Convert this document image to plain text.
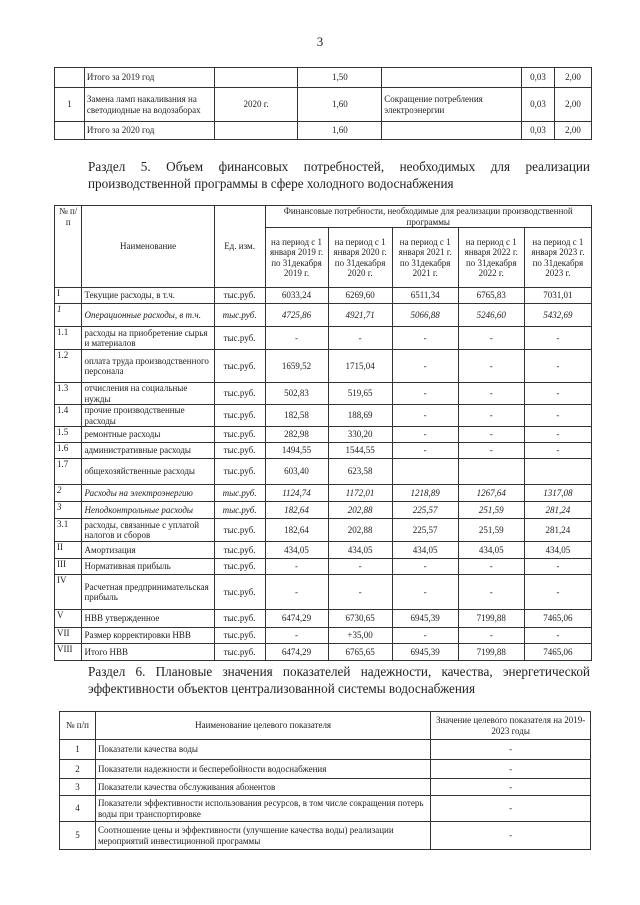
3
	Итого за 2019 год		1,50		0,03	2,00
1	Замена ламп накаливания на светодиодные на водозаборах	2020 г.	1,60	Сокращение потребления электроэнергии	0,03	2,00
	Итого за 2020 год		1,60		0,03	2,00
Раздел 5. Объем финансовых потребностей, необходимых для реализации производственной программы в сфере холодного водоснабжения
№ п/п	Наименование	Ед. изм.	Финансовые потребности, необходимые для реализации производственной программы				
			на период с 1 января 2019 г. по 31декабря 2019 г.	на период с 1 января 2020 г. по 31декабря 2020 г.	на период с 1 января 2021 г. по 31декабря 2021 г.	на период с 1 января 2022 г. по 31декабря 2022 г.	на период с 1 января 2023 г. по 31декабря 2023 г.
I	Текущие расходы, в т.ч.	тыс.руб.	6033,24	6269,60	6511,34	6765,83	7031,01
1	Операционные расходы, в т.ч.	тыс.руб.	4725,86	4921,71	5066,88	5246,60	5432,69
1.1	расходы на приобретение сырья и материалов	тыс.руб.	-	-	-	-	-
1.2	оплата труда производственного персонала	тыс.руб.	1659,52	1715,04	-	-	-
1.3	отчисления на социальные нужды	тыс.руб.	502,83	519,65	-	-	-
1.4	прочие производственные расходы	тыс.руб.	182,58	188,69	-	-	-
1.5	ремонтные расходы	тыс.руб.	282,98	330,20	-	-	-
1.6	административные расходы	тыс.руб.	1494,55	1544,55	-	-	-
1.7	общехозяйственные расходы	тыс.руб.	603,40	623,58			
2	Расходы на электроэнергию	тыс.руб.	1124,74	1172,01	1218,89	1267,64	1317,08
3	Неподконтрольные расходы	тыс.руб.	182,64	202,88	225,57	251,59	281,24
3.1	расходы, связанные с уплатой налогов и сборов	тыс.руб.	182,64	202,88	225,57	251,59	281,24
II	Амортизация	тыс.руб.	434,05	434,05	434,05	434,05	434,05
III	Нормативная прибыль	тыс.руб.	-	-	-	-	-
IV	Расчетная предпринимательская прибыль	тыс.руб.	-	-	-	-	-
V	НВВ утвержденное	тыс.руб.	6474,29	6730,65	6945,39	7199,88	7465,06
VII	Размер корректировки НВВ	тыс.руб.	-	+35,00	-	-	-
VIII	Итого НВВ	тыс.руб.	6474,29	6765,65	6945,39	7199,88	7465,06
Раздел 6. Плановые значения показателей надежности, качества, энергетической эффективности объектов централизованной системы водоснабжения
№ п/п	Наименование целевого показателя	Значение целевого показателя на 2019-2023 годы
1	Показатели качества воды	-
2	Показатели надежности и бесперебойности водоснабжения	-
3	Показатели качества обслуживания абонентов	-
4	Показатели эффективности использования ресурсов, в том числе сокращения потерь воды при транспортировке	-
5	Соотношение цены и эффективности (улучшение качества воды) реализации мероприятий инвестиционной программы	-
